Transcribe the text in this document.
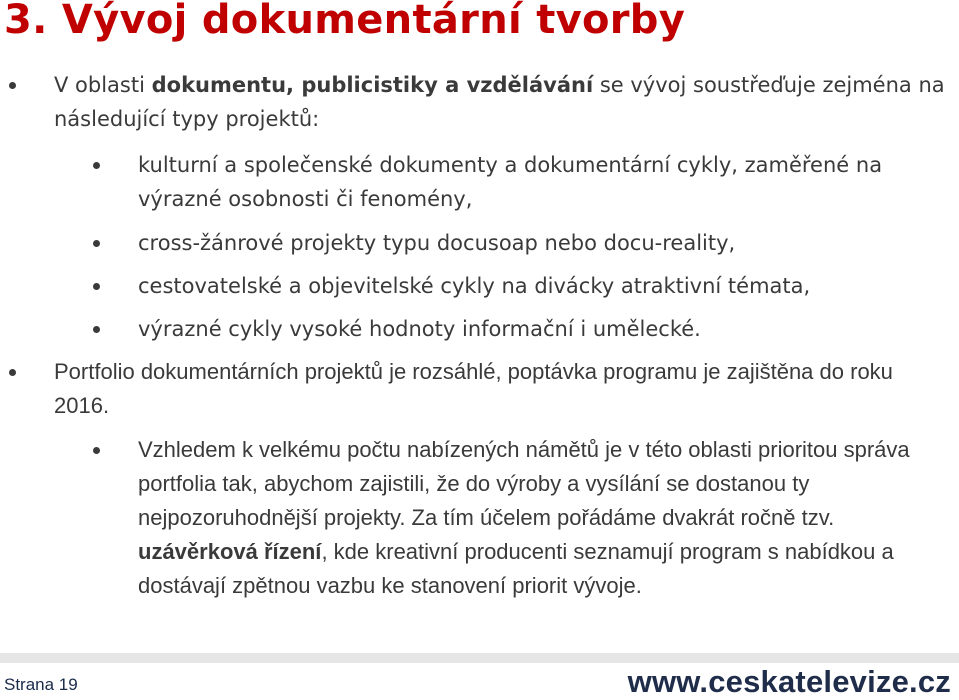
3. Vývoj dokumentární tvorby
V oblasti dokumentu, publicistiky a vzdělávání se vývoj soustřeďuje zejména na následující typy projektů:
kulturní a společenské dokumenty a dokumentární cykly, zaměřené na výrazné osobnosti či fenomény,
cross-žánrové projekty typu docusoap nebo docu-reality,
cestovatelské a objevitelské cykly na divácky atraktivní témata,
výrazné cykly vysoké hodnoty informační i umělecké.
Portfolio dokumentárních projektů je rozsáhlé, poptávka programu je zajištěna do roku 2016.
Vzhledem k velkému počtu nabízených námětů je v této oblasti prioritou správa portfolia tak, abychom zajistili, že do výroby a vysílání se dostanou ty nejpozoruhodnější projekty. Za tím účelem pořádáme dvakrát ročně tzv. uzávěrková řízení, kde kreativní producenti seznamují program s nabídkou a dostávají zpětnou vazbu ke stanovení priorit vývoje.
Strana 19	www.ceskatelevize.cz
